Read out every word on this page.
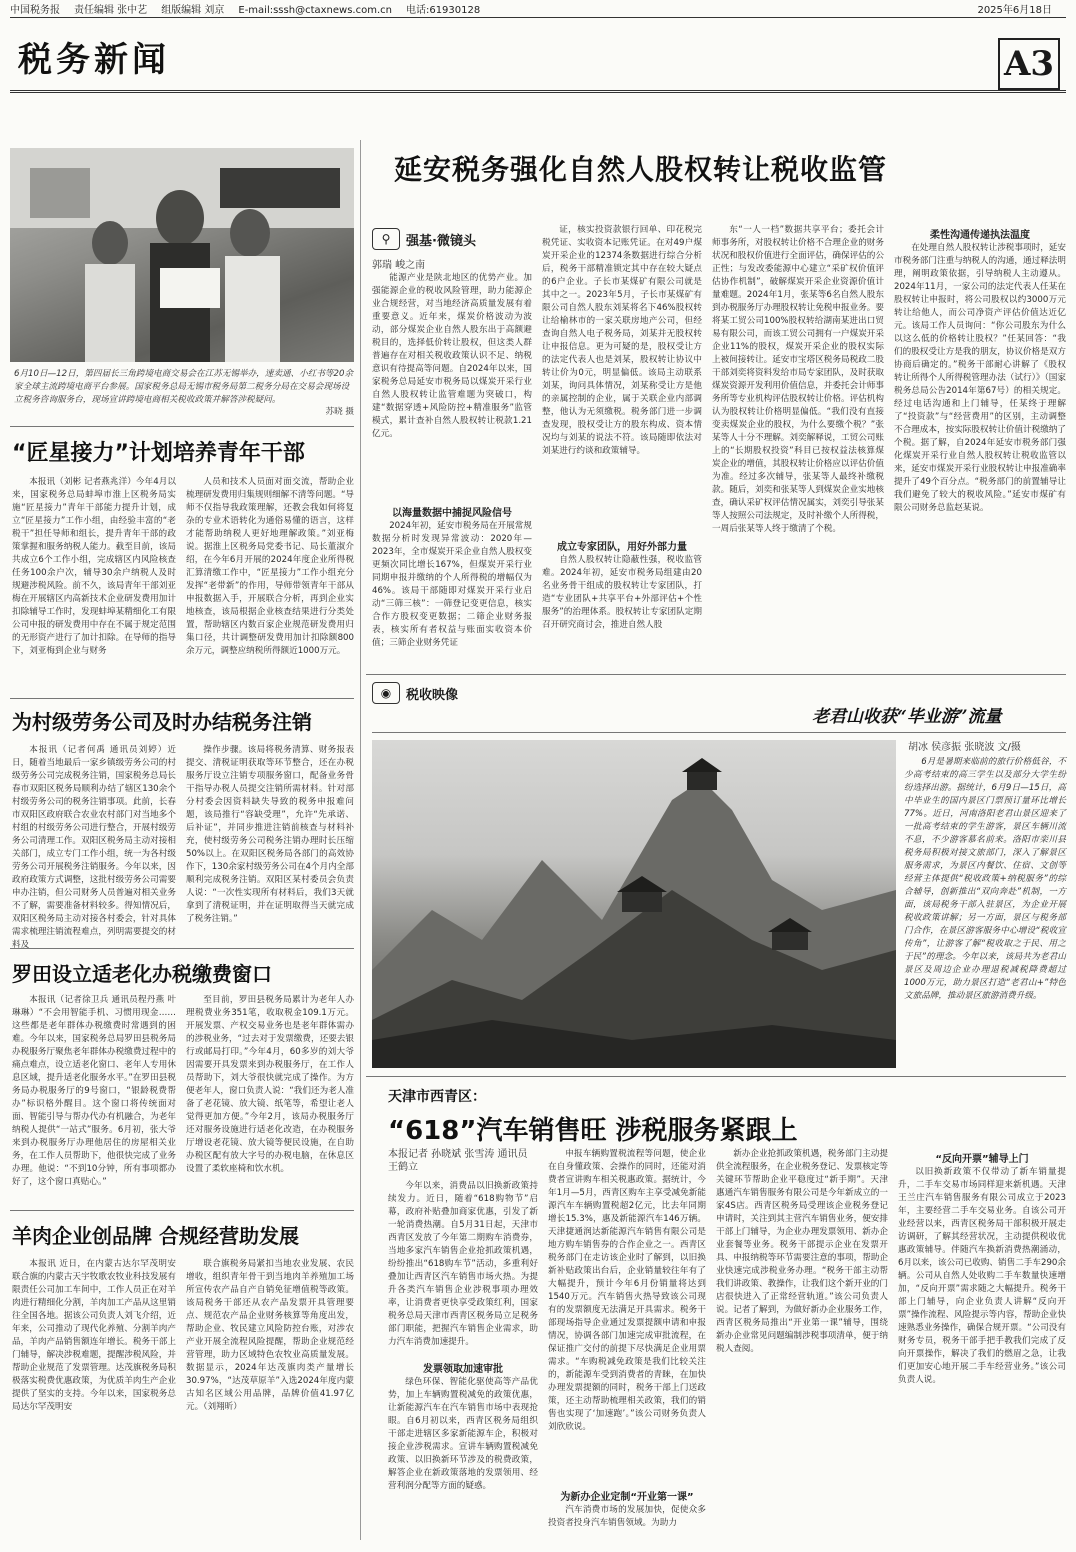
中国税务报 责任编辑 张中艺 组版编辑 刘京 E-mail:sssh@ctaxnews.com.cn 电话:61930128	2025年6月18日
税务新闻	A3
6月10日—12日，第四届长三角跨境电商交易会在江苏无锡举办，速卖通、小红书等20余家全球主流跨境电商平台参展。国家税务总局无锡市税务局第二税务分局在交易会现场设立税务咨询服务台，现场宣讲跨境电商相关税收政策并解答涉税疑问。
苏晓 摄
“匠星接力”计划培养青年干部
本报讯（刘彬 记者燕兆洋）今年4月以来，国家税务总局蚌埠市淮上区税务局实施“匠星接力”青年干部能力提升计划，成立“匠星接力”工作小组，由经验丰富的“老税干”担任导师和组长，提升青年干部的政策掌握和服务纳税人能力。截至目前，该局共成立6个工作小组，完成辖区内风险核查任务100余户次，辅导30余户纳税人及时规避涉税风险。前不久，该局青年干部刘亚梅在开展辖区内高新技术企业研发费用加计扣除辅导工作时，发现蚌埠某精细化工有限公司申报的研发费用中存在不属于规定范围的无形资产进行了加计扣除。在导师的指导下，刘亚梅到企业与财务
人员和技术人员面对面交流，帮助企业梳理研发费用归集规则细解不清等问题。“导师不仅指导我政策理解，还教会我如何将复杂的专业术语转化为通俗易懂的语言，这样才能帮助纳税人更好地理解政策。”刘亚梅说。据淮上区税务局党委书记、局长董淑介绍，在今年6月开展的2024年度企业所得税汇算清缴工作中，“匠星接力”工作小组充分发挥“老带新”的作用，导师带领青年干部从申报数据入手，开展联合分析，再到企业实地核查，该局根据企业核查结果进行分类处置，帮助辖区内数百家企业规范研发费用归集口径，共计调整研发费用加计扣除额800余万元，调整应纳税所得额近1000万元。
为村级劳务公司及时办结税务注销
本报讯（记者何禹 通讯员刘婷）近日，随着当地最后一家乡镇级劳务公司的村级劳务公司完成税务注销，国家税务总局长春市双阳区税务局顺利办结了辖区130余个村级劳务公司的税务注销事项。此前，长春市双阳区政府联合农业农村部门对当地多个村组的村级劳务公司进行整合，开展村级劳务公司清理工作。双阳区税务局主动对接相关部门，成立专门工作小组，统一为各村级劳务公司开展税务注销服务。今年以来，因政府政策方式调整，这批村级劳务公司需要申办注销，但公司财务人员普遍对相关业务不了解，需要准备材料较多。得知情况后，双阳区税务局主动对接各村委会，针对具体需求梳理注销流程难点，列明需要提交的材料及
操作步骤。该局将税务清算、财务报表提交、清税证明获取等环节整合，还在办税服务厅设立注销专项服务窗口，配备业务骨干指导办税人员提交注销所需材料。针对部分村委会因资料缺失导致的税务申报难问题，该局推行“容缺受理”，允许“先承诺、后补证”，并同步推进注销前核查与材料补充，使村级劳务公司税务注销办理时长压缩50%以上。在双阳区税务局各部门的高效协作下，130余家村级劳务公司在4个月内全部顺利完成税务注销。双阳区某村委员会负责人说：“一次性实现所有材料后，我们3天就拿到了清税证明，并在证明取得当天就完成了税务注销。”
罗田设立适老化办税缴费窗口
本报讯（记者徐卫兵 通讯员程丹燕 叶琳琳）“不会用智能手机、习惯用现金……这些都是老年群体办税缴费时常遇到的困难。今年以来，国家税务总局罗田县税务局办税服务厅聚焦老年群体办税缴费过程中的痛点难点，设立适老化窗口、老年人专用休息区域，提升适老化服务水平。”在罗田县税务局办税服务厅的9号窗口，“银龄税费帮办”标识格外醒目。这个窗口将传统面对面、智能引导与帮办代办有机融合，为老年纳税人提供“一站式”服务。6月初，张大爷来到办税服务厅办理他居住的房屋相关业务，在工作人员帮助下，他很快完成了业务办理。他说：“不到10分钟，所有事项都办好了，这个窗口真贴心。”
至目前，罗田县税务局累计为老年人办理税费业务351笔，收取税金109.1万元。开展发票、产权交易业务也是老年群体需办的涉税业务，“过去对于发票缴费，还要去银行或邮局打印。”今年4月，60多岁的刘大爷因需要开具发票来到办税服务厅，在工作人员帮助下，刘大爷很快就完成了操作。为方便老年人，窗口负责人说：“我们还为老人准备了老花镜、放大镜、纸笔等，希望让老人觉得更加方便。”今年2月，该局办税服务厅还对服务设施进行适老化改造，在办税服务厅增设老花镜、放大镜等便民设施，在自助办税区配有放大字号的办税电脑，在休息区设置了柔软座椅和饮水机。
羊肉企业创品牌 合规经营助发展
本报讯 近日，在内蒙古达尔罕茂明安联合旗的内蒙古天宇牧歌农牧业科技发展有限责任公司加工车间中，工作人员正在对羊肉进行精细化分割，羊肉加工产品从这里销往全国各地。据该公司负责人刘飞介绍，近年来，公司推动了现代化养殖、分割羊肉产品，羊肉产品销售额连年增长。税务干部上门辅导，解决涉税难题，提醒涉税风险，并帮助企业规范了发票管理。达茂旗税务局积极落实税费优惠政策，为优质羊肉生产企业提供了坚实的支持。今年以来，国家税务总局达尔罕茂明安
联合旗税务局紧扣当地农业发展、农民增收，组织青年骨干到当地肉羊养殖加工场所宣传农产品自产自销免征增值税等政策。该局税务干部还从农产品发票开具管理要点、规范农产品企业财务核算等角度出发，帮助企业、牧民建立风险防控台账，对涉农产业开展全流程风险提醒，帮助企业规范经营管理，助力区域特色农牧业高质量发展。数据显示，2024年达茂旗肉类产量增长30.97%，“达茂草原羊”入选2024年度内蒙古知名区域公用品牌，品牌价值41.97亿元。（刘翔昕）
延安税务强化自然人股权转让税收监管
⚲	强基·微镜头
郭瑞 峻之南
能源产业是陕北地区的优势产业。加强能源企业的税收风险管理，助力能源企业合规经营，对当地经济高质量发展有着重要意义。近年来，煤炭价格波动为波动，部分煤炭企业自然人股东出于高额避税目的，选择低价转让股权，但这类人群普遍存在对相关税收政策认识不足、纳税意识有待提高等问题。自2024年以来，国家税务总局延安市税务局以煤炭开采行业自然人股权转让监管难题为突破口，构建“数据穿透+风险防控+精准服务”监管模式，累计查补自然人股权转让税款1.21亿元。
以海量数据中捕捉风险信号
2024年初，延安市税务局在开展常规数据分析时发现异常波动：2020年—2023年，全市煤炭开采企业自然人股权变更频次同比增长167%，但煤炭开采行业同期申报并缴纳的个人所得税的增幅仅为46%。该局干部随即对煤炭开采行业启动“三筛三核”：一筛登记变更信息，核实合作方股权变更数据；二筛企业财务报表，核实所有者权益与账面实收资本价值；三筛企业财务凭证
证，核实投资款银行回单、印花税完税凭证、实收资本记账凭证。在对49户煤炭开采企业的12374条数据进行综合分析后，税务干部精准锁定其中存在较大疑点的6户企业。子长市某煤矿有限公司就是其中之一。2023年5月，子长市某煤矿有限公司自然人股东刘某将名下46%股权转让给榆林市的一家关联房地产公司，但经查询自然人电子税务局，刘某并无股权转让申报信息。更为可疑的是，股权受让方的法定代表人也是刘某，股权转让协议中转让价为0元，明显偏低。该局主动联系刘某，询问具体情况，刘某称受让方是他的亲属控制的企业，属于关联企业内部调整，他认为无须缴税。税务部门进一步调查发现，股权受让方的股东构成、资本情况均与刘某的说法不符。该局随即依法对刘某进行约谈和政策辅导。
成立专家团队，用好外部力量
自然人股权转让隐蔽性强，税收监管难。2024年初，延安市税务局组建由20名业务骨干组成的股权转让专家团队，打造“专业团队+共享平台+外部评估+个性服务”的治理体系。股权转让专家团队定期召开研究商讨会，推进自然人股
东“一人一档”数据共享平台；委托会计师事务所，对股权转让价格不合理企业的财务状况和股权价值进行全面评估，确保评估的公正性；与发改委能源中心建立“采矿权价值评估协作机制”，破解煤炭开采企业资源价值计量难题。2024年1月，张某等6名自然人股东到办税服务厅办理股权转让免税申报业务。要将某工贸公司100%股权转给湖南某进出口贸易有限公司，而该工贸公司拥有一户煤炭开采企业11%的股权，煤炭开采企业的股权实际上被间接转让。延安市宝塔区税务局税政二股干部刘奕将资料发给市局专家团队，及时获取煤炭资源开发利用价值信息，并委托会计师事务所等专业机构评估股权转让价格。评估机构认为股权转让价格明显偏低。“我们没有直接变卖煤炭企业的股权，为什么要缴个税？”张某等人十分不理解。刘奕解释说，工贸公司账上的“长期股权投资”科目已按权益法核算煤炭企业的增值，其股权转让价格应以评估价值为准。经过多次辅导，张某等人最终补缴税款。随后，刘奕和张某等人到煤炭企业实地核查，确认采矿权评估情况属实，刘奕引导张某等人按照公司法规定，及时补缴个人所得税，一周后张某等人终于缴清了个税。
柔性沟通传递执法温度
在处理自然人股权转让涉税事项时，延安市税务部门注重与纳税人的沟通，通过释法明理，阐明政策依据，引导纳税人主动遵从。2024年11月，一家公司的法定代表人任某在股权转让申报时，将公司股权以约3000万元转让给他人，而公司净资产评估价值达近亿元。该局工作人员询问：“你公司股东为什么以这么低的价格转让股权？”任某回答：“我们的股权受让方是我的朋友，协议价格是双方协商后确定的。”税务干部耐心讲解了《股权转让所得个人所得税管理办法（试行）》（国家税务总局公告2014年第67号）的相关规定。经过电话沟通和上门辅导，任某终于理解了“投资款”与“经营费用”的区别，主动调整不合理成本，按实际股权转让价值计税缴纳了个税。据了解，自2024年延安市税务部门强化煤炭开采行业自然人股权转让税收监管以来，延安市煤炭开采行业股权转让申报准确率提升了49个百分点。“税务部门的前置辅导让我们避免了较大的税收风险。”延安市煤矿有限公司财务总监赵某说。
◉	税收映像
老君山收获“毕业游”流量
胡冰 侯彦振 张晓波 文/摄
6月是暑期来临前的旅行价格低谷，不少高考结束的高三学生以及部分大学生纷纷选择出游。据统计，6月9日—15日，高中毕业生的国内景区门票预订量环比增长77%。近日，河南洛阳老君山景区迎来了一批高考结束的学生游客，景区车辆川流不息，不少游客慕名前来。洛阳市栾川县税务局积极对接文旅部门，深入了解景区服务需求，为景区内餐饮、住宿、文创等经营主体提供“税收政策+纳税服务”的综合辅导，创新推出“双向奔赴”机制，一方面，该局税务干部入驻景区，为企业开展税收政策讲解；另一方面，景区与税务部门合作，在景区游客服务中心增设“税收宣传角”，让游客了解“税收取之于民、用之于民”的理念。今年以来，该局共为老君山景区及周边企业办理退税减税降费超过1000万元，助力景区打造“老君山+”特色文旅品牌，推动景区旅游消费升级。
天津市西青区：
“618”汽车销售旺 涉税服务紧跟上
本报记者 孙晓斌 张雪涛 通讯员 王鹤立
今年以来，消费品以旧换新政策持续发力。近日，随着“618购物节”启幕，政府补贴叠加商家优惠，引发了新一轮消费热潮。自5月31日起，天津市西青区发放了今年第二期购车消费券，当地多家汽车销售企业抢抓政策机遇，纷纷推出“618购车节”活动，多重利好叠加让西青区汽车销售市场火热。为提升各类汽车销售企业涉税事项办理效率，让消费者更快享受政策红利，国家税务总局天津市西青区税务局立足税务部门职能，把握汽车销售企业需求，助力汽车消费加速提升。
发票领取加速审批
绿色环保、智能化驱使高等产品优势，加上车辆购置税减免的政策优惠，让新能源汽车在汽车销售市场中表现抢眼。自6月初以来，西青区税务局组织干部走进辖区多家新能源车企，积极对接企业涉税需求。宣讲车辆购置税减免政策、以旧换新环节涉及的税费政策，解答企业在新政策落地的发票领用、经营利润分配等方面的疑惑。
申报车辆购置税流程等问题，使企业在自身懂政策、会操作的同时，还能对消费者宣讲购车相关税惠政策。据统计，今年1月—5月，西青区购车主享受减免新能源汽车车辆购置税超2亿元，比去年同期增长15.3%，惠及新能源汽车146万辆。天津捷通润达新能源汽车销售有限公司是地方购车销售券的合作企业之一。西青区税务部门在走访该企业时了解到，以旧换新补贴政策出台后，企业销量较往年有了大幅提升，预计今年6月份销量将达到1540万元。汽车销售火热导致该公司现有的发票额度无法满足开具需求。税务干部现场指导企业通过发票提额申请和申报情况，协调各部门加速完成审批流程，在保证推广交付的前提下尽快满足企业用票需求。“车购税减免政策是我们比较关注的，新能源车受到消费者的青睐，在加快办理发票提额的同时，税务干部上门送政策，还主动帮助梳理相关政策，我们的销售也实现了‘加速跑’。”该公司财务负责人刘欣欣说。
为新办企业定制“开业第一课”
汽车消费市场的发展加快，促使众多投资者投身汽车销售领域。为助力
新办企业抢抓政策机遇，税务部门主动提供全流程服务，在企业税务登记、发票核定等关键环节帮助企业平稳度过“新手期”。天津惠通汽车销售服务有限公司是今年新成立的一家4S店。西青区税务局受理该企业税务登记申请时，关注到其主营汽车销售业务，便安排干部上门辅导，为企业办理发票领用、新办企业套餐等业务。税务干部提示企业在发票开具、申报纳税等环节需要注意的事项，帮助企业快速完成涉税业务办理。“税务干部主动帮我们讲政策、教操作，让我们这个新开业的门店很快进入了正常经营轨道。”该公司负责人说。记者了解到，为做好新办企业服务工作，西青区税务局推出“开业第一课”辅导，围绕新办企业常见问题编制涉税事项清单，便于纳税人查阅。
“反向开票”辅导上门
以旧换新政策不仅带动了新车销量提升，二手车交易市场同样迎来新机遇。天津王兰庄汽车销售服务有限公司成立于2023年，主要经营二手车交易业务。自该公司开业经营以来，西青区税务局干部积极开展走访调研，了解其经营状况，主动提供税收优惠政策辅导。伴随汽车换新消费热潮涌动，6月以来，该公司已收购、销售二手车290余辆。公司从自然人处收购二手车数量快速增加，“反向开票”需求随之大幅提升。税务干部上门辅导，向企业负责人讲解“反向开票”操作流程、风险提示等内容，帮助企业快速熟悉业务操作，确保合规开票。“公司没有财务专员，税务干部手把手教我们完成了反向开票操作，解决了我们的燃眉之急，让我们更加安心地开展二手车经营业务。”该公司负责人说。
